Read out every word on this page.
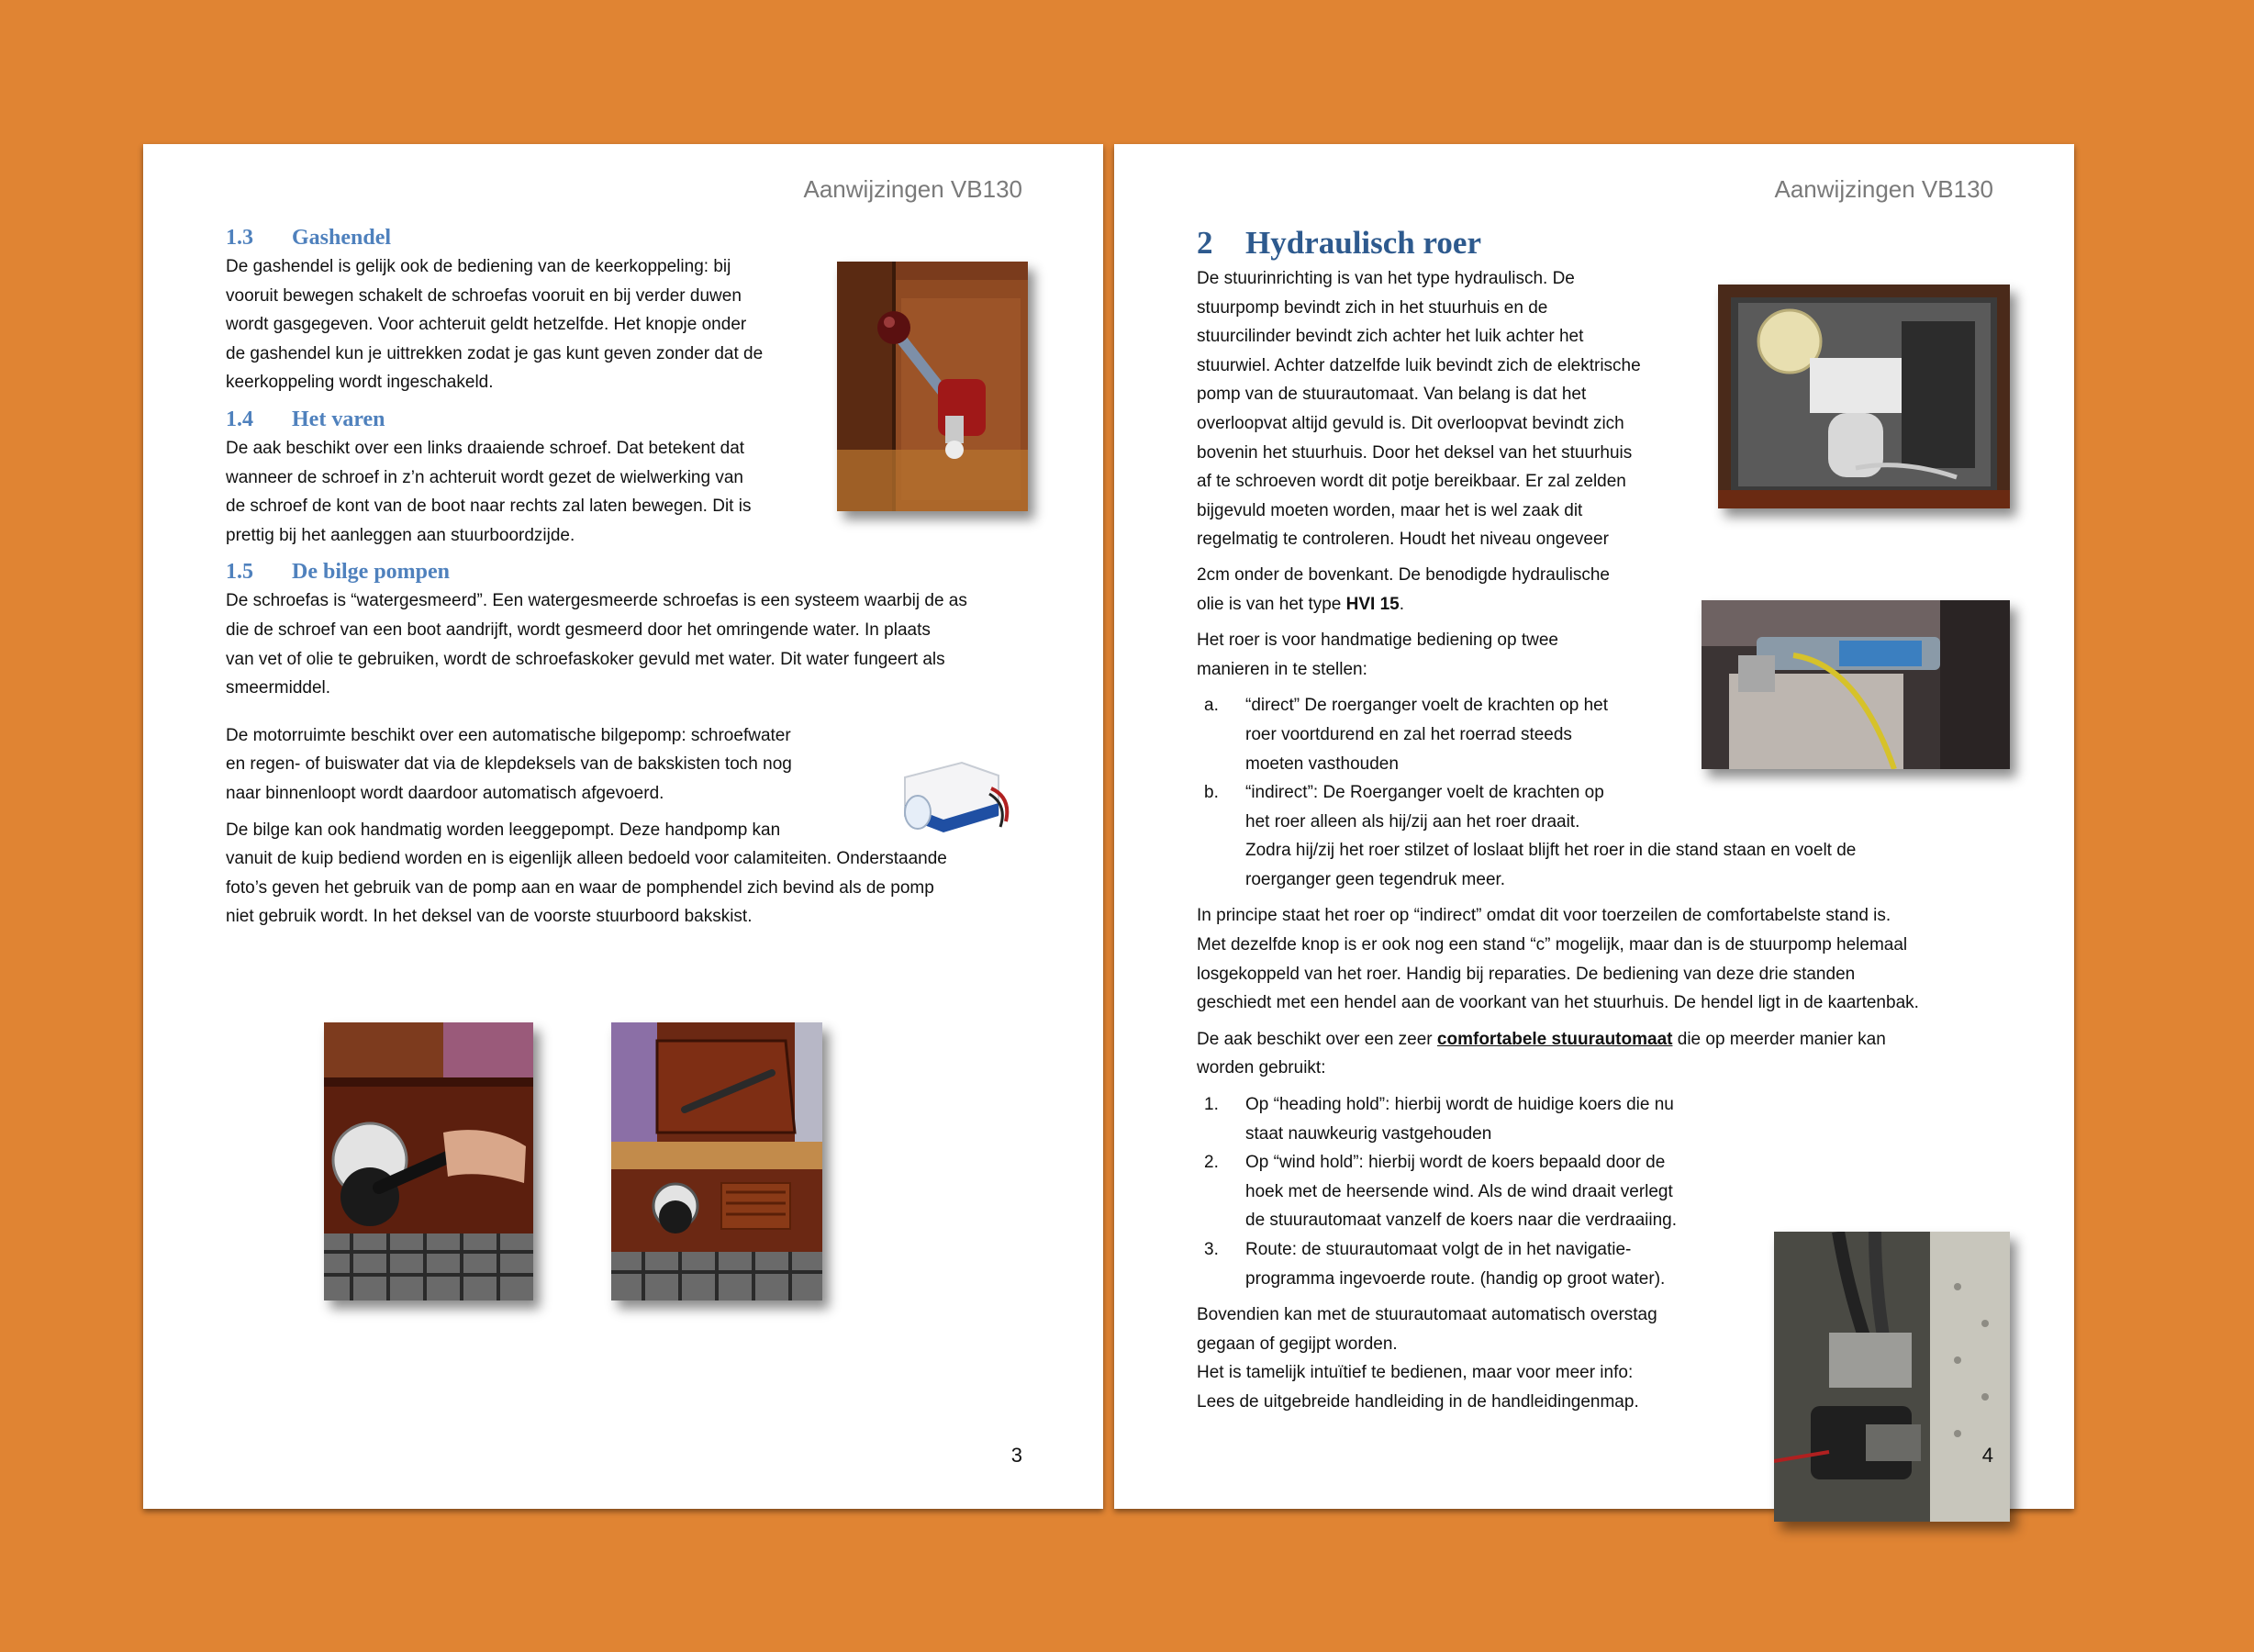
Aanwijzingen VB130
1.3 Gashendel

De gashendel is gelijk ook de bediening van de keerkoppeling: bij

vooruit bewegen schakelt de schroefas vooruit en bij verder duwen

wordt gasgegeven. Voor achteruit geldt hetzelfde. Het knopje onder

de gashendel kun je uittrekken zodat je gas kunt geven zonder dat de

keerkoppeling wordt ingeschakeld.

1.4 Het varen

De aak beschikt over een links draaiende schroef. Dat betekent dat

wanneer de schroef in z’n achteruit wordt gezet de wielwerking van

de schroef de kont van de boot naar rechts zal laten bewegen. Dit is

prettig bij het aanleggen aan stuurboordzijde.

1.5 De bilge pompen

De schroefas is “watergesmeerd”. Een watergesmeerde schroefas is een systeem waarbij de as

die de schroef van een boot aandrijft, wordt gesmeerd door het omringende water. In plaats

van vet of olie te gebruiken, wordt de schroefaskoker gevuld met water. Dit water fungeert als

smeermiddel.

De motorruimte beschikt over een automatische bilgepomp: schroefwater

en regen- of buiswater dat via de klepdeksels van de bakskisten toch nog

naar binnenloopt wordt daardoor automatisch afgevoerd.

De bilge kan ook handmatig worden leeggepompt. Deze handpomp kan

vanuit de kuip bediend worden en is eigenlijk alleen bedoeld voor calamiteiten. Onderstaande

foto’s geven het gebruik van de pomp aan en waar de pomphendel zich bevind als de pomp

niet gebruik wordt. In het deksel van de voorste stuurboord bakskist.

3
Aanwijzingen VB130
2 Hydraulisch roer

De stuurinrichting is van het type hydraulisch. De

stuurpomp bevindt zich in het stuurhuis en de

stuurcilinder bevindt zich achter het luik achter het

stuurwiel. Achter datzelfde luik bevindt zich de elektrische

pomp van de stuurautomaat. Van belang is dat het

overloopvat altijd gevuld is. Dit overloopvat bevindt zich

bovenin het stuurhuis. Door het deksel van het stuurhuis

af te schroeven wordt dit potje bereikbaar. Er zal zelden

bijgevuld moeten worden, maar het is wel zaak dit

regelmatig te controleren. Houdt het niveau ongeveer

2cm onder de bovenkant. De benodigde hydraulische

olie is van het type HVI 15.

Het roer is voor handmatige bediening op twee

manieren in te stellen:

a. “direct” De roerganger voelt de krachten op het

roer voortdurend en zal het roerrad steeds

moeten vasthouden

b. “indirect”: De Roerganger voelt de krachten op

het roer alleen als hij/zij aan het roer draait.

Zodra hij/zij het roer stilzet of loslaat blijft het roer in die stand staan en voelt de

roerganger geen tegendruk meer.

In principe staat het roer op “indirect” omdat dit voor toerzeilen de comfortabelste stand is.

Met dezelfde knop is er ook nog een stand “c” mogelijk, maar dan is de stuurpomp helemaal

losgekoppeld van het roer. Handig bij reparaties. De bediening van deze drie standen

geschiedt met een hendel aan de voorkant van het stuurhuis. De hendel ligt in de kaartenbak.

De aak beschikt over een zeer comfortabele stuurautomaat die op meerder manier kan

worden gebruikt:

1. Op “heading hold”: hierbij wordt de huidige koers die nu

staat nauwkeurig vastgehouden

2. Op “wind hold”: hierbij wordt de koers bepaald door de

hoek met de heersende wind. Als de wind draait verlegt

de stuurautomaat vanzelf de koers naar die verdraaiing.

3. Route: de stuurautomaat volgt de in het navigatie-

programma ingevoerde route. (handig op groot water).

Bovendien kan met de stuurautomaat automatisch overstag

gegaan of gegijpt worden.

Het is tamelijk intuïtief te bedienen, maar voor meer info:

Lees de uitgebreide handleiding in de handleidingenmap.

4
